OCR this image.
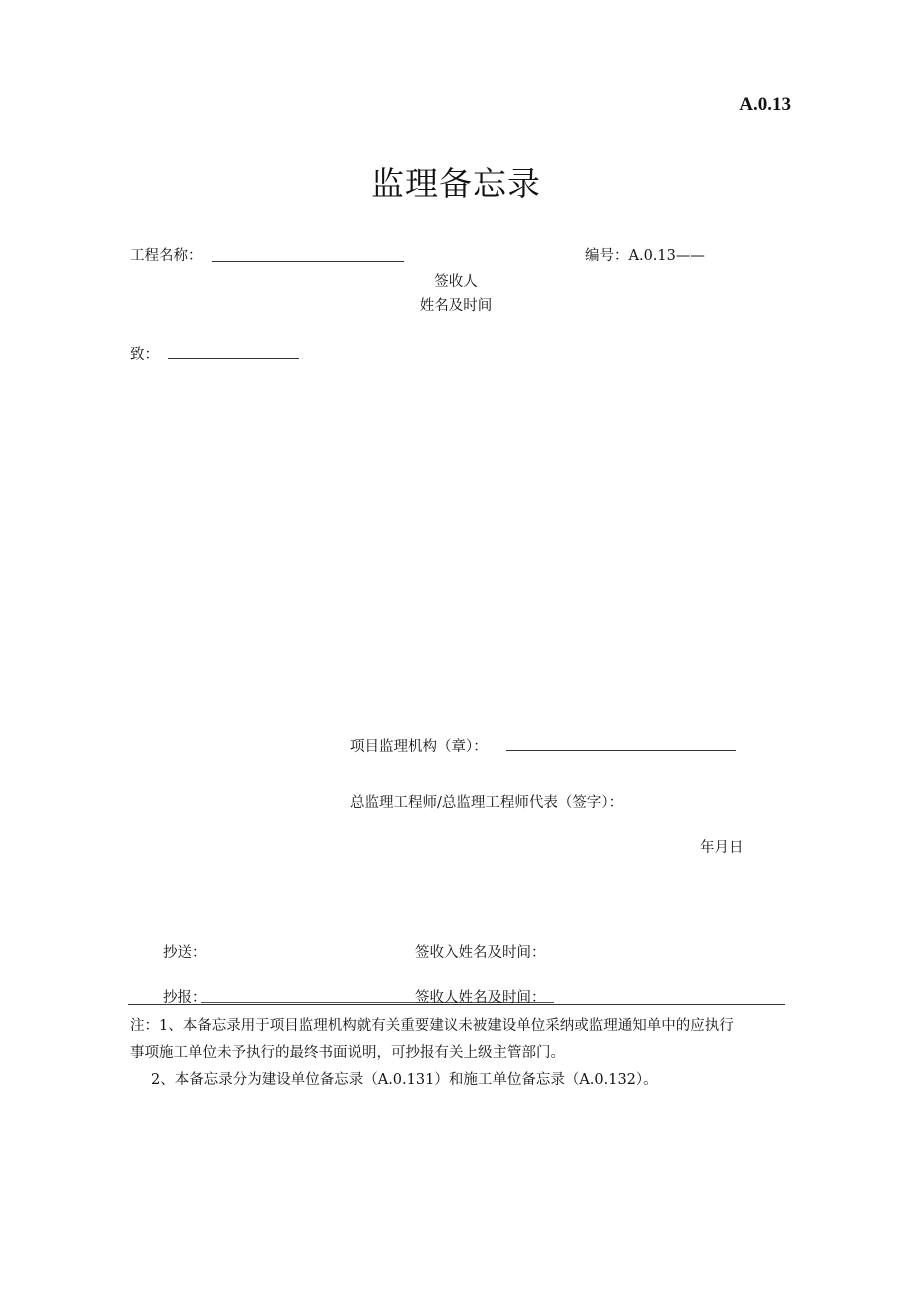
A.0.13
监理备忘录
工程名称：	编号：A.0.13——
签收人
姓名及时间
致：
项目监理机构（章）：
总监理工程师/总监理工程师代表（签字）：
年月日
抄送：	签收入姓名及时间：
抄报：	签收人姓名及时间：
注：1、本备忘录用于项目监理机构就有关重要建议未被建设单位采纳或监理通知单中的应执行
事项施工单位未予执行的最终书面说明，可抄报有关上级主管部门。
2、本备忘录分为建设单位备忘录（A.0.131）和施工单位备忘录（A.0.132）。
